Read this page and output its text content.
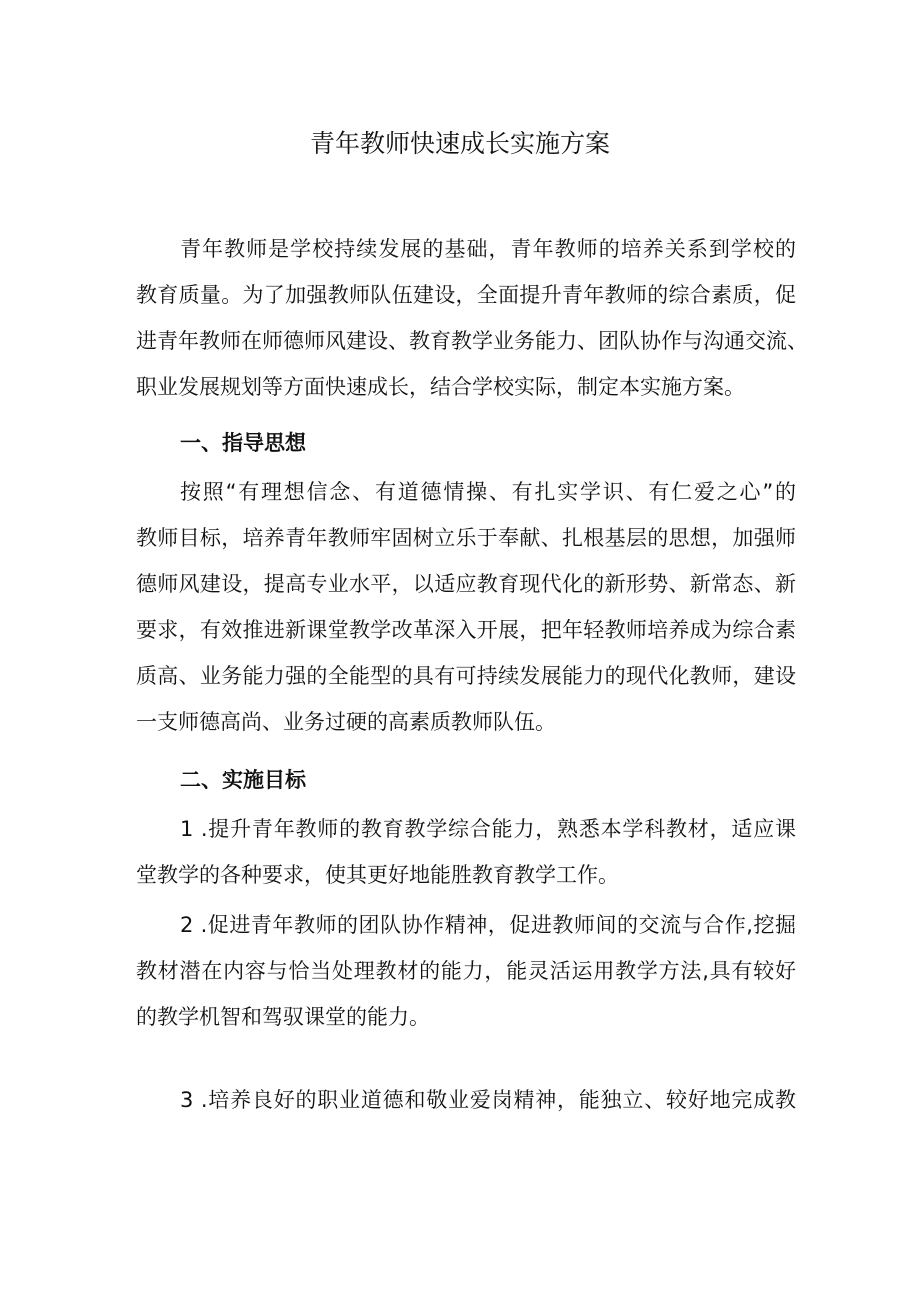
青年教师快速成长实施方案
青年教师是学校持续发展的基础，青年教师的培养关系到学校的
教育质量。为了加强教师队伍建设，全面提升青年教师的综合素质，促
进青年教师在师德师风建设、教育教学业务能力、团队协作与沟通交流、
职业发展规划等方面快速成长，结合学校实际，制定本实施方案。
一、指导思想
按照“有理想信念、有道德情操、有扎实学识、有仁爱之心”的
教师目标，培养青年教师牢固树立乐于奉献、扎根基层的思想，加强师
德师风建设，提高专业水平，以适应教育现代化的新形势、新常态、新
要求，有效推进新课堂教学改革深入开展，把年轻教师培养成为综合素
质高、业务能力强的全能型的具有可持续发展能力的现代化教师，建设
一支师德高尚、业务过硬的高素质教师队伍。
二、实施目标
1 .提升青年教师的教育教学综合能力，熟悉本学科教材，适应课
堂教学的各种要求，使其更好地能胜教育教学工作。
2 .促进青年教师的团队协作精神，促进教师间的交流与合作,挖掘
教材潜在内容与恰当处理教材的能力，能灵活运用教学方法,具有较好
的教学机智和驾驭课堂的能力。
3 .培养良好的职业道德和敬业爱岗精神，能独立、较好地完成教
